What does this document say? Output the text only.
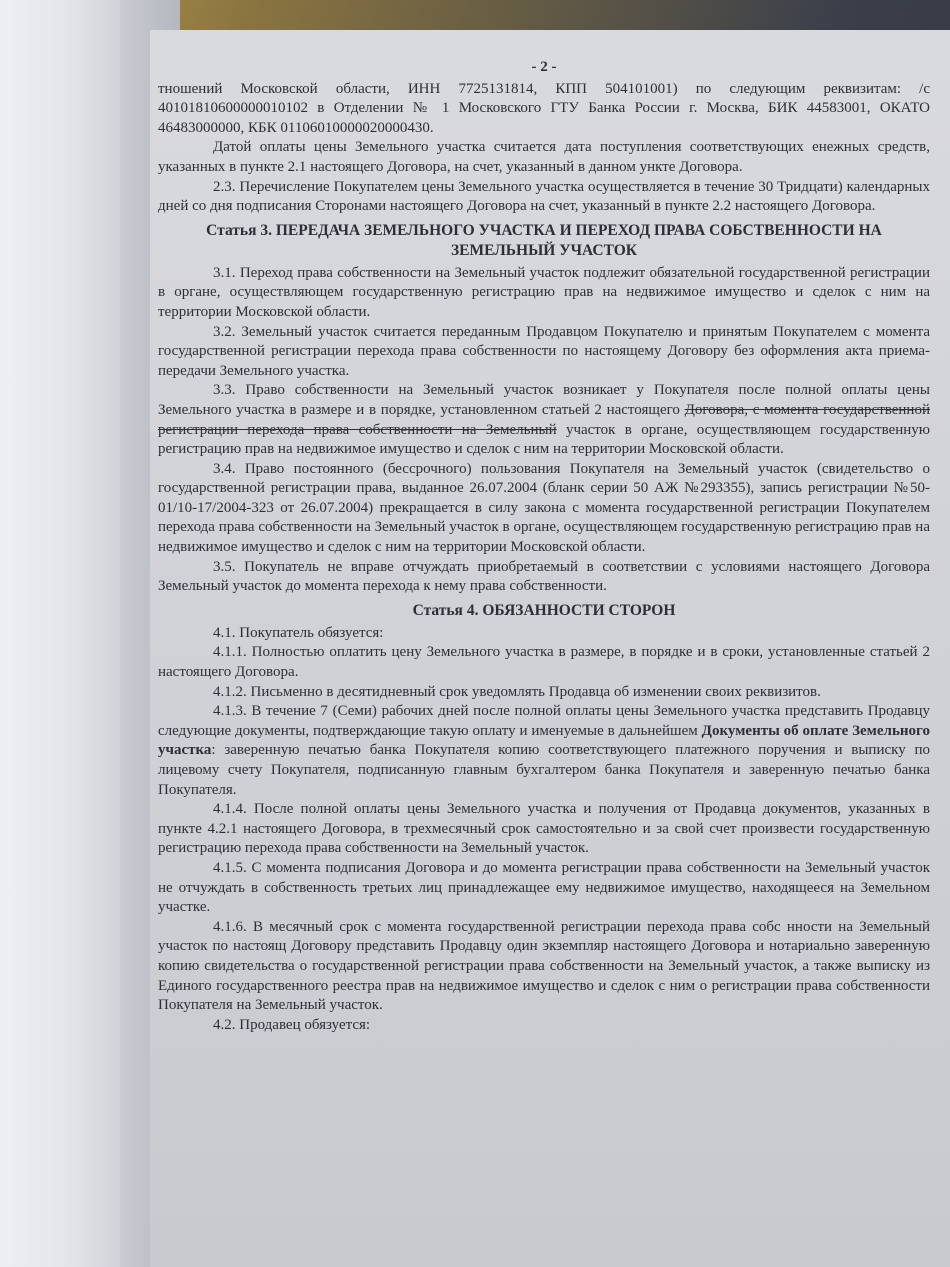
- 2 -

тношений Московской области, ИНН 7725131814, КПП 504101001) по следующим реквизитам: /с 40101810600000010102 в Отделении № 1 Московского ГТУ Банка России г. Москва, БИК 44583001, ОКАТО 46483000000, КБК 01106010000020000430.

Датой оплаты цены Земельного участка считается дата поступления соответствующих енежных средств, указанных в пункте 2.1 настоящего Договора, на счет, указанный в данном ункте Договора.

2.3. Перечисление Покупателем цены Земельного участка осуществляется в течение 30 Тридцати) календарных дней со дня подписания Сторонами настоящего Договора на счет, указанный в пункте 2.2 настоящего Договора.

Статья 3. ПЕРЕДАЧА ЗЕМЕЛЬНОГО УЧАСТКА И ПЕРЕХОД ПРАВА СОБСТВЕННОСТИ НА ЗЕМЕЛЬНЫЙ УЧАСТОК

3.1. Переход права собственности на Земельный участок подлежит обязательной государственной регистрации в органе, осуществляющем государственную регистрацию прав на недвижимое имущество и сделок с ним на территории Московской области.

3.2. Земельный участок считается переданным Продавцом Покупателю и принятым Покупателем с момента государственной регистрации перехода права собственности по настоящему Договору без оформления акта приема-передачи Земельного участка.

3.3. Право собственности на Земельный участок возникает у Покупателя после полной оплаты цены Земельного участка в размере и в порядке, установленном статьей 2 настоящего Договора, с момента государственной регистрации перехода права собственности на Земельный участок в органе, осуществляющем государственную регистрацию прав на недвижимое имущество и сделок с ним на территории Московской области.

3.4. Право постоянного (бессрочного) пользования Покупателя на Земельный участок (свидетельство о государственной регистрации права, выданное 26.07.2004 (бланк серии 50 АЖ №293355), запись регистрации №50-01/10-17/2004-323 от 26.07.2004) прекращается в силу закона с момента государственной регистрации Покупателем перехода права собственности на Земельный участок в органе, осуществляющем государственную регистрацию прав на недвижимое имущество и сделок с ним на территории Московской области.

3.5. Покупатель не вправе отчуждать приобретаемый в соответствии с условиями настоящего Договора Земельный участок до момента перехода к нему права собственности.

Статья 4. ОБЯЗАННОСТИ СТОРОН

4.1. Покупатель обязуется:

4.1.1. Полностью оплатить цену Земельного участка в размере, в порядке и в сроки, установленные статьей 2 настоящего Договора.

4.1.2. Письменно в десятидневный срок уведомлять Продавца об изменении своих реквизитов.

4.1.3. В течение 7 (Семи) рабочих дней после полной оплаты цены Земельного участка представить Продавцу следующие документы, подтверждающие такую оплату и именуемые в дальнейшем Документы об оплате Земельного участка: заверенную печатью банка Покупателя копию соответствующего платежного поручения и выписку по лицевому счету Покупателя, подписанную главным бухгалтером банка Покупателя и заверенную печатью банка Покупателя.

4.1.4. После полной оплаты цены Земельного участка и получения от Продавца документов, указанных в пункте 4.2.1 настоящего Договора, в трехмесячный срок самостоятельно и за свой счет произвести государственную регистрацию перехода права собственности на Земельный участок.

4.1.5. С момента подписания Договора и до момента регистрации права собственности на Земельный участок не отчуждать в собственность третьих лиц принадлежащее ему недвижимое имущество, находящееся на Земельном участке.

4.1.6. В месячный срок с момента государственной регистрации перехода права собс нности на Земельный участок по настоящ Договору представить Продавцу один экземпляр настоящего Договора и нотариально заверенную копию свидетельства о государственной регистрации права собственности на Земельный участок, а также выписку из Единого государственного реестра прав на недвижимое имущество и сделок с ним о регистрации права собственности Покупателя на Земельный участок.

4.2. Продавец обязуется:
